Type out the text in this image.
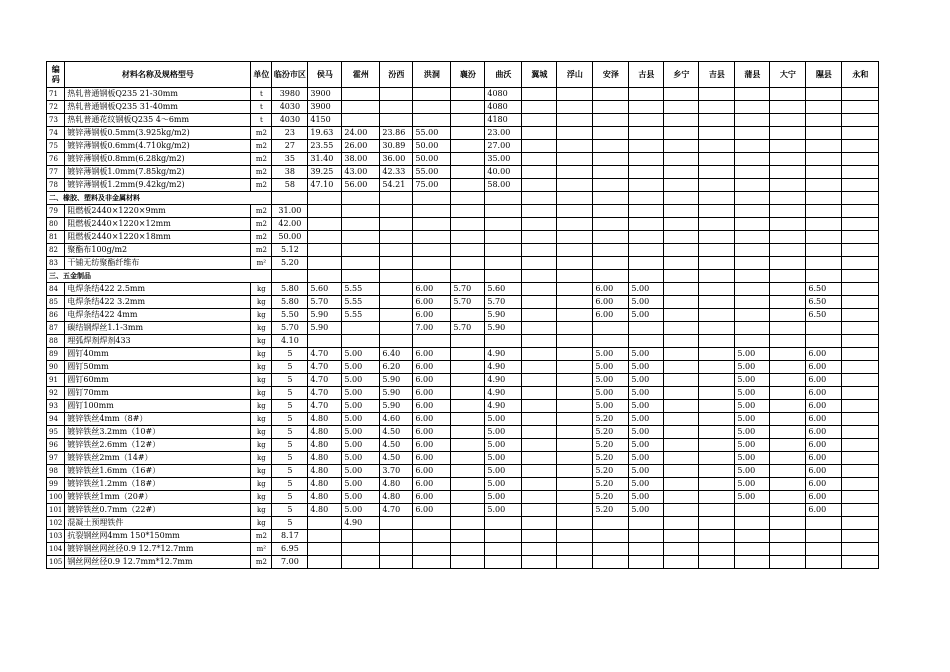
编码	材料名称及规格型号	单位	临汾市区	侯马	霍州	汾西	洪洞	襄汾	曲沃	翼城	浮山	安泽	古县	乡宁	吉县	蒲县	大宁	隰县	永和
71	热轧普通钢板Q235 21-30mm	t	3980	3900					4080										
72	热轧普通钢板Q235 31-40mm	t	4030	3900					4080										
73	热轧普通花纹钢板Q235 4～6mm	t	4030	4150					4180										
74	镀锌薄钢板0.5mm(3.925kg/m2)	m2	23	19.63	24.00	23.86	55.00		23.00										
75	镀锌薄钢板0.6mm(4.710kg/m2)	m2	27	23.55	26.00	30.89	50.00		27.00										
76	镀锌薄钢板0.8mm(6.28kg/m2)	m2	35	31.40	38.00	36.00	50.00		35.00										
77	镀锌薄钢板1.0mm(7.85kg/m2)	m2	38	39.25	43.00	42.33	55.00		40.00										
78	镀锌薄钢板1.2mm(9.42kg/m2)	m2	58	47.10	56.00	54.21	75.00		58.00										
二、橡胶、塑料及非金属材料																			
79	阻燃板2440×1220×9mm	m2	31.00																
80	阻燃板2440×1220×12mm	m2	42.00																
81	阻燃板2440×1220×18mm	m2	50.00																
82	聚酯布100g/m2	m2	5.12																
83	干铺无纺聚酯纤维布	m²	5.20																
三、五金制品																			
84	电焊条结422 2.5mm	kg	5.80	5.60	5.55		6.00	5.70	5.60			6.00	5.00					6.50	
85	电焊条结422 3.2mm	kg	5.80	5.70	5.55		6.00	5.70	5.70			6.00	5.00					6.50	
86	电焊条结422 4mm	kg	5.50	5.90	5.55		6.00		5.90			6.00	5.00					6.50	
87	碳结钢焊丝1.1-3mm	kg	5.70	5.90			7.00	5.70	5.90										
88	埋弧焊剂焊剂433	kg	4.10																
89	圆钉40mm	kg	5	4.70	5.00	6.40	6.00		4.90			5.00	5.00			5.00		6.00	
90	圆钉50mm	kg	5	4.70	5.00	6.20	6.00		4.90			5.00	5.00			5.00		6.00	
91	圆钉60mm	kg	5	4.70	5.00	5.90	6.00		4.90			5.00	5.00			5.00		6.00	
92	圆钉70mm	kg	5	4.70	5.00	5.90	6.00		4.90			5.00	5.00			5.00		6.00	
93	圆钉100mm	kg	5	4.70	5.00	5.90	6.00		4.90			5.00	5.00			5.00		6.00	
94	镀锌铁丝4mm（8#）	kg	5	4.80	5.00	4.60	6.00		5.00			5.20	5.00			5.00		6.00	
95	镀锌铁丝3.2mm（10#）	kg	5	4.80	5.00	4.50	6.00		5.00			5.20	5.00			5.00		6.00	
96	镀锌铁丝2.6mm（12#）	kg	5	4.80	5.00	4.50	6.00		5.00			5.20	5.00			5.00		6.00	
97	镀锌铁丝2mm（14#）	kg	5	4.80	5.00	4.50	6.00		5.00			5.20	5.00			5.00		6.00	
98	镀锌铁丝1.6mm（16#）	kg	5	4.80	5.00	3.70	6.00		5.00			5.20	5.00			5.00		6.00	
99	镀锌铁丝1.2mm（18#）	kg	5	4.80	5.00	4.80	6.00		5.00			5.20	5.00			5.00		6.00	
100	镀锌铁丝1mm（20#）	kg	5	4.80	5.00	4.80	6.00		5.00			5.20	5.00			5.00		6.00	
101	镀锌铁丝0.7mm（22#）	kg	5	4.80	5.00	4.70	6.00		5.00			5.20	5.00					6.00	
102	混凝土预埋铁件	kg	5		4.90														
103	抗裂钢丝网4mm 150*150mm	m2	8.17																
104	镀锌钢丝网丝径0.9 12.7*12.7mm	m²	6.95																
105	钢丝网丝径0.9 12.7mm*12.7mm	m2	7.00																
